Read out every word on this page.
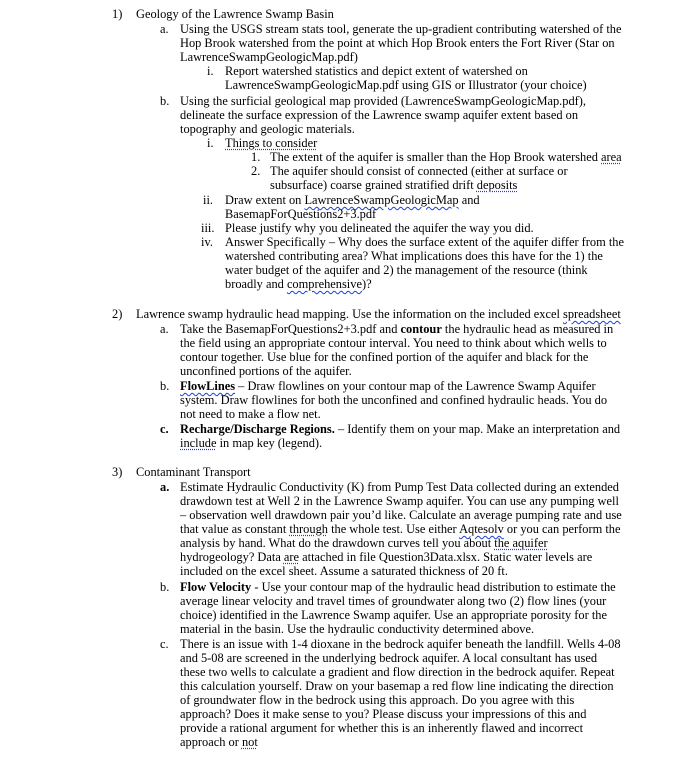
1) Geology of the Lawrence Swamp Basin
a. Using the USGS stream stats tool, generate the up-gradient contributing watershed of the
Hop Brook watershed from the point at which Hop Brook enters the Fort River (Star on
LawrenceSwampGeologicMap.pdf)
i. Report watershed statistics and depict extent of watershed on
LawrenceSwampGeologicMap.pdf using GIS or Illustrator (your choice)
b. Using the surficial geological map provided (LawrenceSwampGeologicMap.pdf),
delineate the surface expression of the Lawrence swamp aquifer extent based on
topography and geologic materials.
i. Things to consider
1. The extent of the aquifer is smaller than the Hop Brook watershed area
2. The aquifer should consist of connected (either at surface or
subsurface) coarse grained stratified drift deposits
ii. Draw extent on LawrenceSwampGeologicMap and
BasemapForQuestions2+3.pdf
iii. Please justify why you delineated the aquifer the way you did.
iv. Answer Specifically – Why does the surface extent of the aquifer differ from the
watershed contributing area? What implications does this have for the 1) the
water budget of the aquifer and 2) the management of the resource (think
broadly and comprehensive)?
2) Lawrence swamp hydraulic head mapping. Use the information on the included excel spreadsheet
a. Take the BasemapForQuestions2+3.pdf and contour the hydraulic head as measured in
the field using an appropriate contour interval. You need to think about which wells to
contour together. Use blue for the confined portion of the aquifer and black for the
unconfined portions of the aquifer.
b. FlowLines – Draw flowlines on your contour map of the Lawrence Swamp Aquifer
system. Draw flowlines for both the unconfined and confined hydraulic heads. You do
not need to make a flow net.
c. Recharge/Discharge Regions. – Identify them on your map. Make an interpretation and
include in map key (legend).
3) Contaminant Transport
a. Estimate Hydraulic Conductivity (K) from Pump Test Data collected during an extended
drawdown test at Well 2 in the Lawrence Swamp aquifer. You can use any pumping well
– observation well drawdown pair you’d like. Calculate an average pumping rate and use
that value as constant through the whole test. Use either Aqtesolv or you can perform the
analysis by hand. What do the drawdown curves tell you about the aquifer
hydrogeology? Data are attached in file Question3Data.xlsx. Static water levels are
included on the excel sheet. Assume a saturated thickness of 20 ft.
b. Flow Velocity - Use your contour map of the hydraulic head distribution to estimate the
average linear velocity and travel times of groundwater along two (2) flow lines (your
choice) identified in the Lawrence Swamp aquifer. Use an appropriate porosity for the
material in the basin. Use the hydraulic conductivity determined above.
c. There is an issue with 1-4 dioxane in the bedrock aquifer beneath the landfill. Wells 4-08
and 5-08 are screened in the underlying bedrock aquifer. A local consultant has used
these two wells to calculate a gradient and flow direction in the bedrock aquifer. Repeat
this calculation yourself. Draw on your basemap a red flow line indicating the direction
of groundwater flow in the bedrock using this approach. Do you agree with this
approach? Does it make sense to you? Please discuss your impressions of this and
provide a rational argument for whether this is an inherently flawed and incorrect
approach or not
